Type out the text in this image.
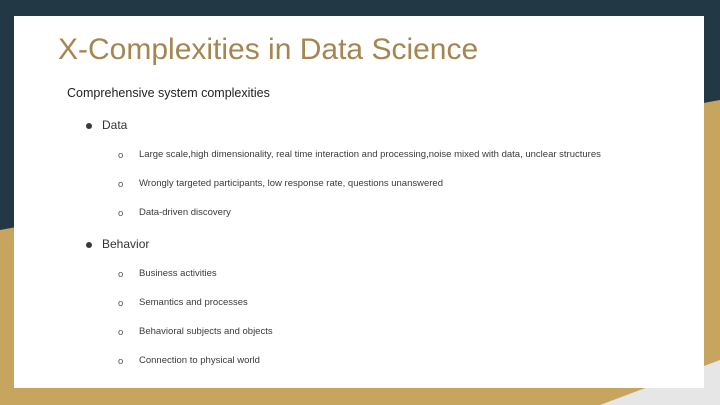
X-Complexities in Data Science
Comprehensive system complexities
Data
o Large scale,high dimensionality, real time interaction and processing,noise mixed with data, unclear structures
o Wrongly targeted participants, low response rate, questions unanswered
o Data-driven discovery
Behavior
o Business activities
o Semantics and processes
o Behavioral subjects and objects
o Connection to physical world
